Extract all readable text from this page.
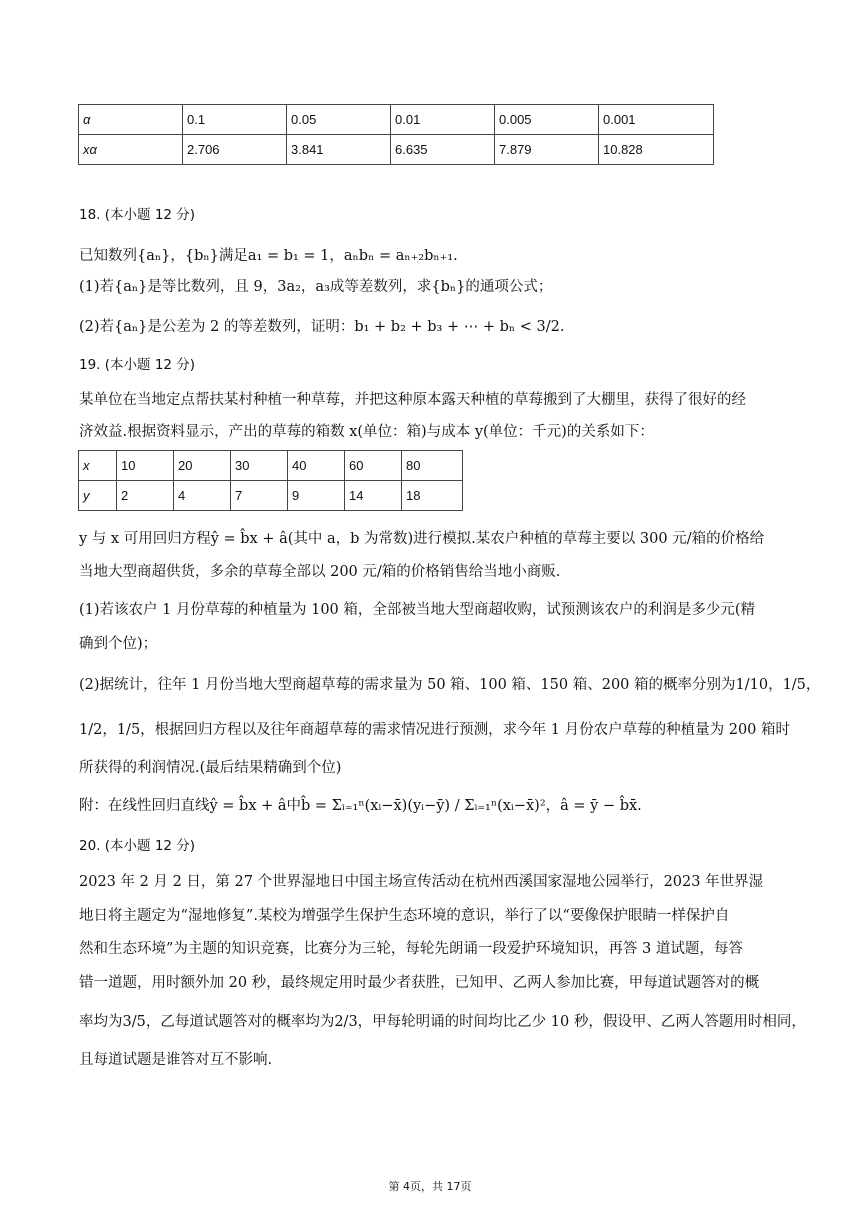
α	0.1	0.05	0.01	0.005	0.001
xα	2.706	3.841	6.635	7.879	10.828
18. (本小题 12 分)
已知数列{aₙ}，{bₙ}满足a₁ = b₁ = 1，aₙbₙ = aₙ₊₂bₙ₊₁.
(1)若{aₙ}是等比数列，且 9，3a₂，a₃成等差数列，求{bₙ}的通项公式；
(2)若{aₙ}是公差为 2 的等差数列，证明：b₁ + b₂ + b₃ + ⋯ + bₙ < 3/2.
19. (本小题 12 分)
某单位在当地定点帮扶某村种植一种草莓，并把这种原本露天种植的草莓搬到了大棚里，获得了很好的经
济效益.根据资料显示，产出的草莓的箱数 x(单位：箱)与成本 y(单位：千元)的关系如下：
x	10	20	30	40	60	80
y	2	4	7	9	14	18
y 与 x 可用回归方程ŷ = b̂x + â(其中 a，b 为常数)进行模拟.某农户种植的草莓主要以 300 元/箱的价格给
当地大型商超供货，多余的草莓全部以 200 元/箱的价格销售给当地小商贩.
(1)若该农户 1 月份草莓的种植量为 100 箱，全部被当地大型商超收购，试预测该农户的利润是多少元(精
确到个位)；
(2)据统计，往年 1 月份当地大型商超草莓的需求量为 50 箱、100 箱、150 箱、200 箱的概率分别为1/10，1/5，
1/2，1/5，根据回归方程以及往年商超草莓的需求情况进行预测，求今年 1 月份农户草莓的种植量为 200 箱时
所获得的利润情况.(最后结果精确到个位)
附：在线性回归直线ŷ = b̂x + â中b̂ = Σᵢ₌₁ⁿ(xᵢ−x̄)(yᵢ−ȳ) / Σᵢ₌₁ⁿ(xᵢ−x̄)²，â = ȳ − b̂x̄.
20. (本小题 12 分)
2023 年 2 月 2 日，第 27 个世界湿地日中国主场宣传活动在杭州西溪国家湿地公园举行，2023 年世界湿
地日将主题定为“湿地修复”.某校为增强学生保护生态环境的意识，举行了以“要像保护眼睛一样保护自
然和生态环境”为主题的知识竞赛，比赛分为三轮，每轮先朗诵一段爱护环境知识，再答 3 道试题，每答
错一道题，用时额外加 20 秒，最终规定用时最少者获胜，已知甲、乙两人参加比赛，甲每道试题答对的概
率均为3/5，乙每道试题答对的概率均为2/3，甲每轮明诵的时间均比乙少 10 秒，假设甲、乙两人答题用时相同，
且每道试题是谁答对互不影响.
第 4页，共 17页
